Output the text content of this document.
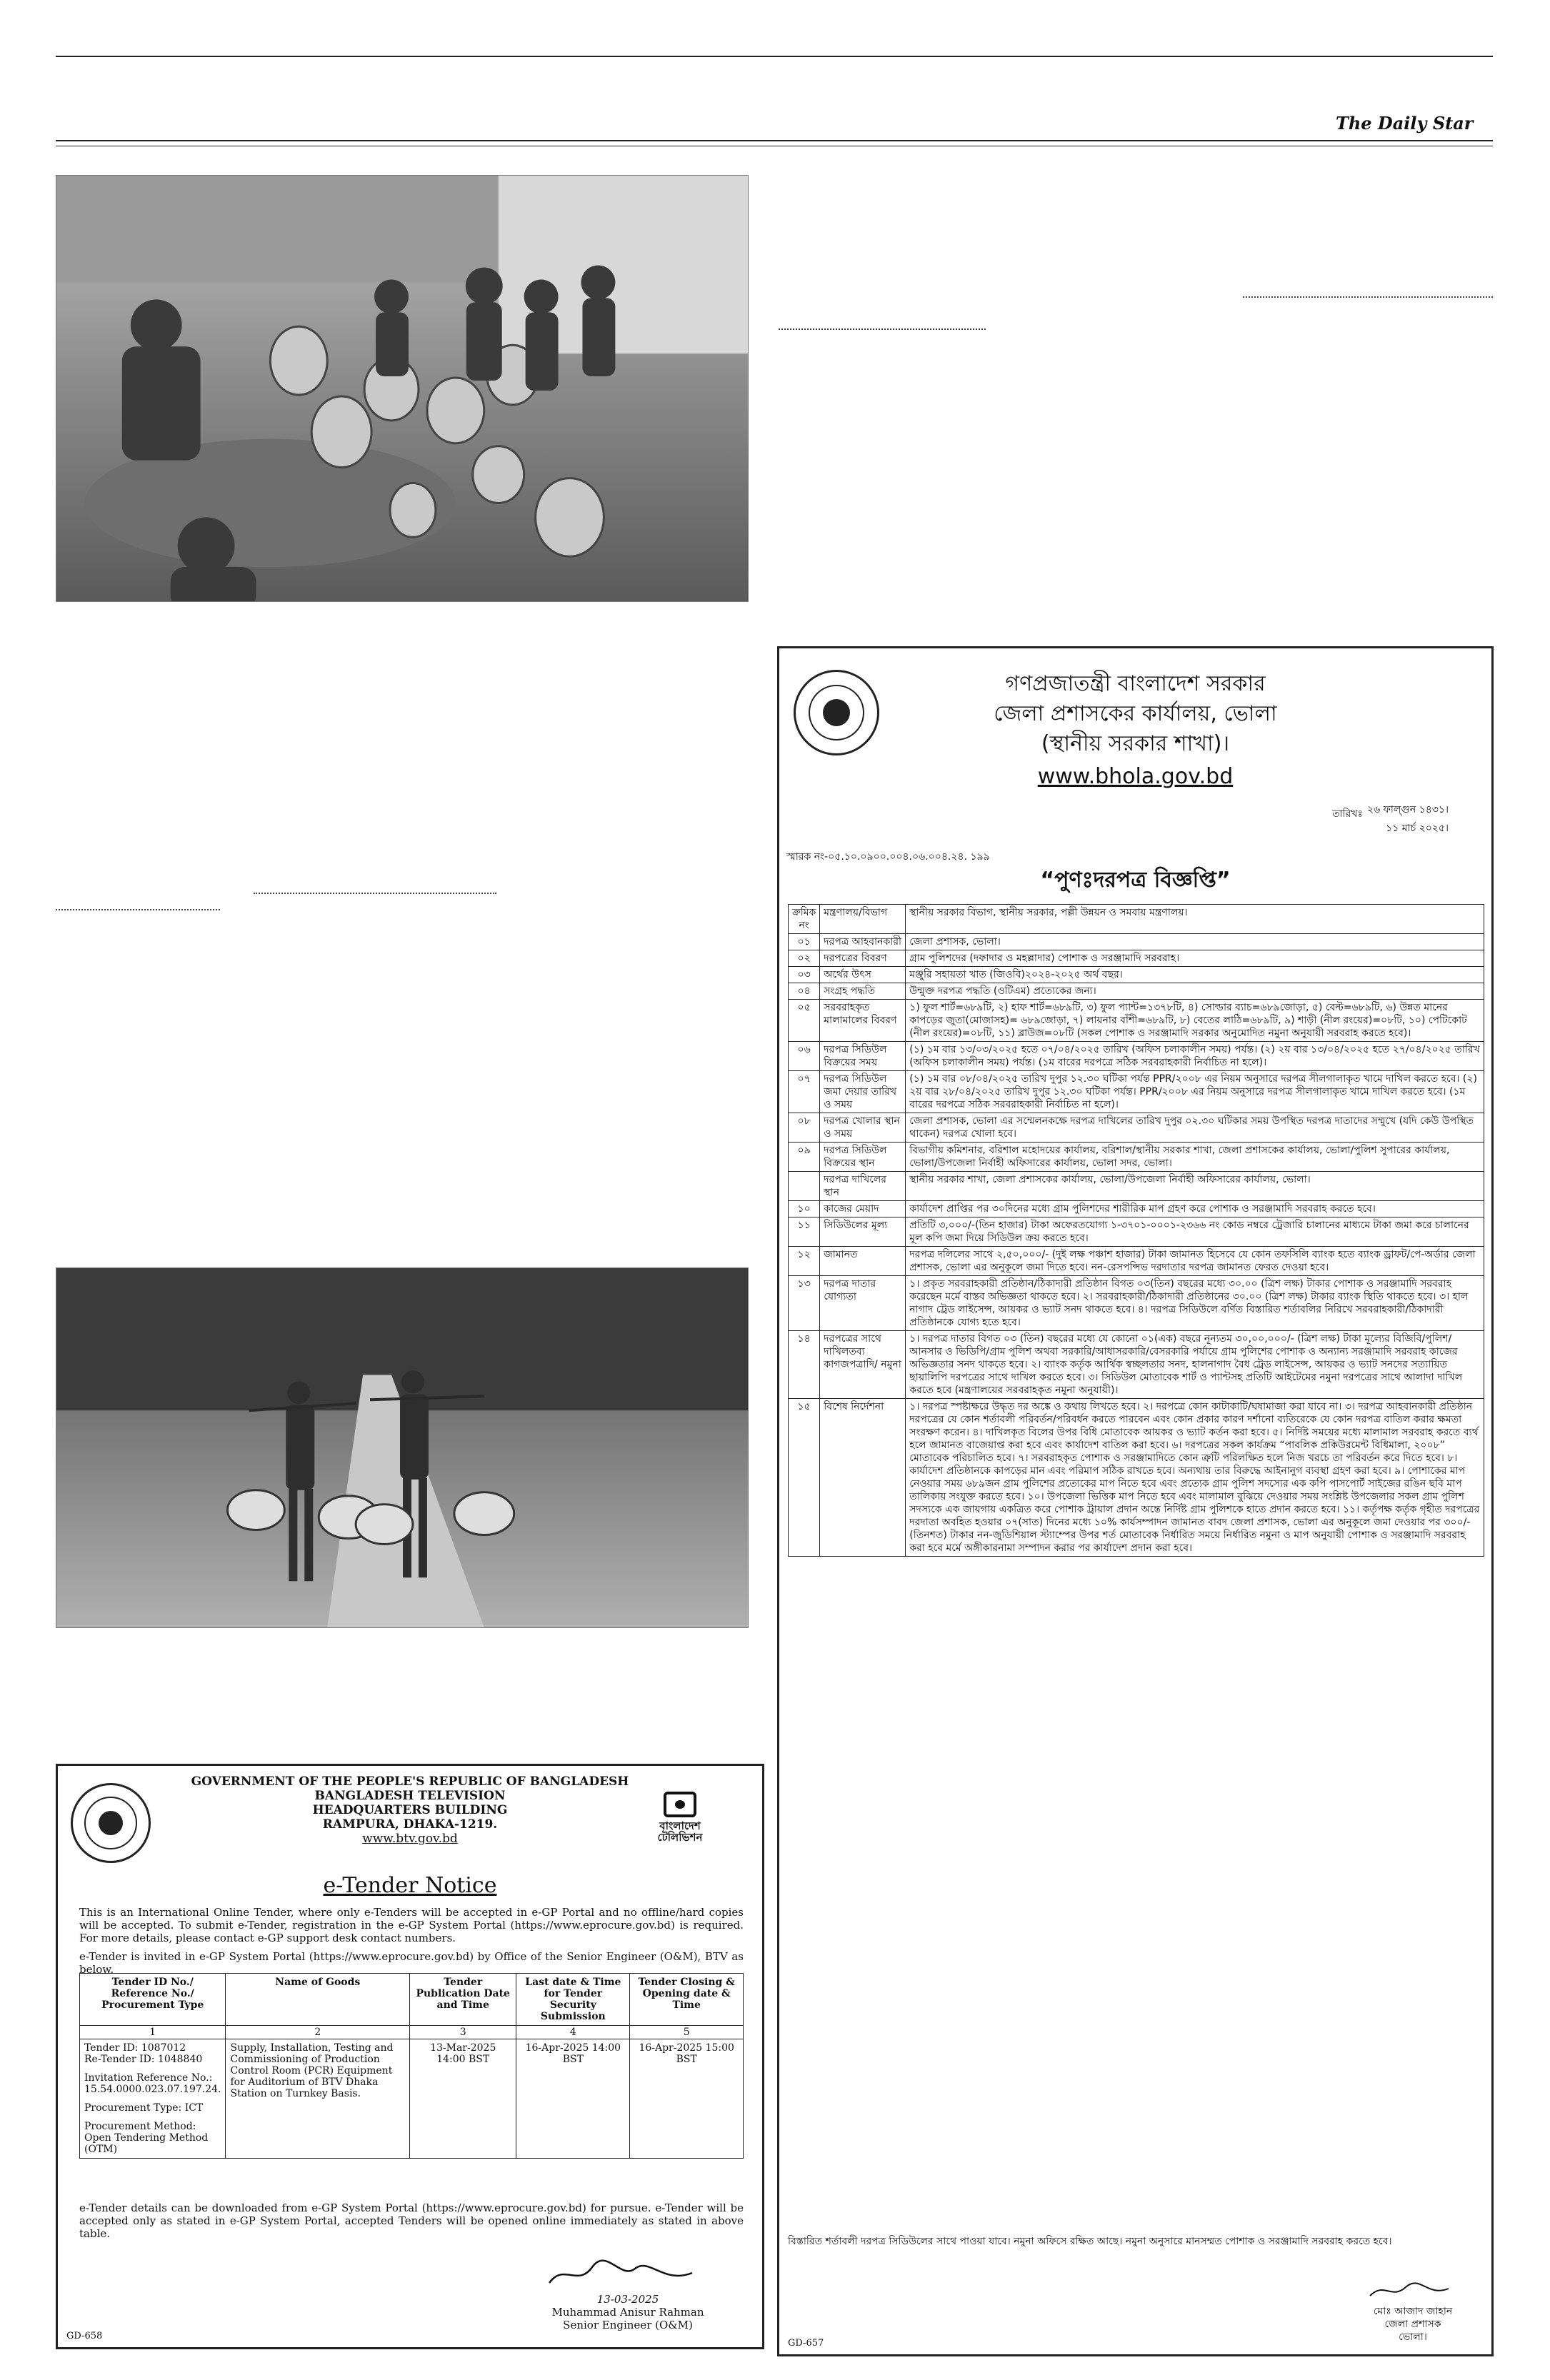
The Daily Star
GOVERNMENT OF THE PEOPLE'S REPUBLIC OF BANGLADESH
BANGLADESH TELEVISION
HEADQUARTERS BUILDING
RAMPURA, DHAKA-1219.
www.btv.gov.bd
বাংলাদেশ টেলিভিশন
e-Tender Notice
This is an International Online Tender, where only e-Tenders will be accepted in e-GP Portal and no offline/hard copies will be accepted. To submit e-Tender, registration in the e-GP System Portal (https://www.eprocure.gov.bd) is required. For more details, please contact e-GP support desk contact numbers.
e-Tender is invited in e-GP System Portal (https://www.eprocure.gov.bd) by Office of the Senior Engineer (O&M), BTV as below.
Tender ID No./ Reference No./ Procurement Type	Name of Goods	Tender Publication Date and Time	Last date & Time for Tender Security Submission	Tender Closing & Opening date & Time
1	2	3	4	5

Tender ID: 1087012
Re-Tender ID: 1048840
Invitation Reference No.: 15.54.0000.023.07.197.24.
Procurement Type: ICT
Procurement Method: Open Tendering Method (OTM)	Supply, Installation, Testing and Commissioning of Production Control Room (PCR) Equipment for Auditorium of BTV Dhaka Station on Turnkey Basis.	13-Mar-2025 14:00 BST	16-Apr-2025 14:00 BST	16-Apr-2025 15:00 BST
e-Tender details can be downloaded from e-GP System Portal (https://www.eprocure.gov.bd) for pursue. e-Tender will be accepted only as stated in e-GP System Portal, accepted Tenders will be opened online immediately as stated in above table.
13-03-2025
Muhammad Anisur Rahman
Senior Engineer (O&M)
GD-658
গণপ্রজাতন্ত্রী বাংলাদেশ সরকার
জেলা প্রশাসকের কার্যালয়, ভোলা
(স্থানীয় সরকার শাখা)।
www.bhola.gov.bd
তারিখঃ ২৬ ফাল্গুন ১৪৩১।
১১ মার্চ ২০২৫।
স্মারক নং-০৫.১০.০৯০০.০০৪.০৬.০০৪.২৪. ১৯৯
“পুণঃদরপত্র বিজ্ঞপ্তি”
ক্রমিক নং	মন্ত্রণালয়/বিভাগ	স্থানীয় সরকার বিভাগ, স্থানীয় সরকার, পল্লী উন্নয়ন ও সমবায় মন্ত্রণালয়।
০১	দরপত্র আহবানকারী	জেলা প্রশাসক, ভোলা।
০২	দরপত্রের বিবরণ	গ্রাম পুলিশদের (দফাদার ও মহল্লাদার) পোশাক ও সরঞ্জামাদি সরবরাহ।
০৩	অর্থের উৎস	মঞ্জুরি সহায়তা খাত (জিওবি)২০২৪-২০২৫ অর্থ বছর।
০৪	সংগ্রহ পদ্ধতি	উন্মুক্ত দরপত্র পদ্ধতি (ওটিএম) প্রত্যেকের জন্য।
০৫	সরবরাহকৃত মালামালের বিবরণ	১) ফুল শার্ট=৬৮৯টি, ২) হাফ শার্ট=৬৮৯টি, ৩) ফুল প্যান্ট=১৩৭৮টি, ৪) সোল্ডার ব্যাচ=৬৮৯জোড়া, ৫) বেল্ট=৬৮৯টি, ৬) উন্নত মানের কাপড়ের জুতা(মোজাসহ)= ৬৮৯জোড়া, ৭) লায়নার বাঁশী=৬৮৯টি, ৮) বেতের লাঠি=৬৮৯টি, ৯) শাড়ী (নীল রংয়ের)=০৮টি, ১০) পেটিকোট (নীল রংয়ের)=০৮টি, ১১) ব্লাউজ=০৮টি (সকল পোশাক ও সরঞ্জামাদি সরকার অনুমোদিত নমুনা অনুযায়ী সরবরাহ করতে হবে)।
০৬	দরপত্র সিডিউল বিক্রয়ের সময়	(১) ১ম বার ১৩/০৩/২০২৫ হতে ০৭/০৪/২০২৫ তারিখ (অফিস চলাকালীন সময়) পর্যন্ত। (২) ২য় বার ১৩/০৪/২০২৫ হতে ২৭/০৪/২০২৫ তারিখ (অফিস চলাকালীন সময়) পর্যন্ত। (১ম বারের দরপত্রে সঠিক সরবরাহকারী নির্বাচিত না হলে)।
০৭	দরপত্র সিডিউল জমা দেয়ার তারিখ ও সময়	(১) ১ম বার ০৮/০৪/২০২৫ তারিখ দুপুর ১২.৩০ ঘটিকা পর্যন্ত PPR/২০০৮ এর নিয়ম অনুসারে দরপত্র সীলগালাকৃত খামে দাখিল করতে হবে। (২) ২য় বার ২৮/০৪/২০২৫ তারিখ দুপুর ১২.৩০ ঘটিকা পর্যন্ত। PPR/২০০৮ এর নিয়ম অনুসারে দরপত্র সীলগালাকৃত খামে দাখিল করতে হবে। (১ম বারের দরপত্রে সঠিক সরবরাহকারী নির্বাচিত না হলে)।
০৮	দরপত্র খোলার স্থান ও সময়	জেলা প্রশাসক, ভোলা এর সম্মেলনকক্ষে দরপত্র দাখিলের তারিখ দুপুর ০২.৩০ ঘটিকার সময় উপস্থিত দরপত্র দাতাদের সম্মুখে (যদি কেউ উপস্থিত থাকেন) দরপত্র খোলা হবে।
০৯	দরপত্র সিডিউল বিক্রয়ের স্থান	বিভাগীয় কমিশনার, বরিশাল মহোদয়ের কার্যালয়, বরিশাল/স্থানীয় সরকার শাখা, জেলা প্রশাসকের কার্যালয়, ভোলা/পুলিশ সুপারের কার্যালয়, ভোলা/উপজেলা নির্বাহী অফিসারের কার্যালয়, ভোলা সদর, ভোলা।
	দরপত্র দাখিলের স্থান	স্থানীয় সরকার শাখা, জেলা প্রশাসকের কার্যালয়, ভোলা/উপজেলা নির্বাহী অফিসারের কার্যালয়, ভোলা।
১০	কাজের মেয়াদ	কার্যাদেশ প্রাপ্তির পর ৩০দিনের মধ্যে গ্রাম পুলিশদের শারীরিক মাপ গ্রহণ করে পোশাক ও সরঞ্জামাদি সরবরাহ করতে হবে।
১১	সিডিউলের মূল্য	প্রতিটি ৩,০০০/-(তিন হাজার) টাকা অফেরতযোগ্য ১-৩৭০১-০০০১-২৩৬৬ নং কোড নম্বরে ট্রেজারি চালানের মাধ্যমে টাকা জমা করে চালানের মূল কপি জমা দিয়ে সিডিউল ক্রয় করতে হবে।
১২	জামানত	দরপত্র দলিলের সাথে ২,৫০,০০০/- (দুই লক্ষ পঞ্চাশ হাজার) টাকা জামানত হিসেবে যে কোন তফসিলি ব্যাংক হতে ব্যাংক ড্রাফট/পে-অর্ডার জেলা প্রশাসক, ভোলা এর অনুকূলে জমা দিতে হবে। নন-রেসপন্সিভ দরদাতার দরপত্র জামানত ফেরত দেওয়া হবে।
১৩	দরপত্র দাতার যোগ্যতা	১। প্রকৃত সরবরাহকারী প্রতিষ্ঠান/ঠিকাদারী প্রতিষ্ঠান বিগত ০৩(তিন) বছরের মধ্যে ৩০.০০ (ত্রিশ লক্ষ) টাকার পোশাক ও সরঞ্জামাদি সরবরাহ করেছেন মর্মে বাস্তব অভিজ্ঞতা থাকতে হবে। ২। সরবরাহকারী/ঠিকাদারী প্রতিষ্ঠানের ৩০.০০ (ত্রিশ লক্ষ) টাকার ব্যাংক স্থিতি থাকতে হবে। ৩। হাল নাগাদ ট্রেড লাইসেন্স, আয়কর ও ভ্যাট সনদ থাকতে হবে। ৪। দরপত্র সিডিউলে বর্ণিত বিস্তারিত শর্তাবলির নিরিখে সরবরাহকারী/ঠিকাদারী প্রতিষ্ঠানকে যোগ্য হতে হবে।
১৪	দরপত্রের সাথে দাখিলতব্য কাগজপত্রাদি/ নমুনা	১। দরপত্র দাতার বিগত ০৩ (তিন) বছরের মধ্যে যে কোনো ০১(এক) বছরে নূন্যতম ৩০,০০,০০০/- (ত্রিশ লক্ষ) টাকা মূল্যের বিজিবি/পুলিশ/আনসার ও ভিডিপি/গ্রাম পুলিশ অথবা সরকারি/আধাসরকারি/বেসরকারি পর্যায়ে গ্রাম পুলিশের পোশাক ও অন্যান্য সরঞ্জামাদি সরবরাহ কাজের অভিজ্ঞতার সনদ থাকতে হবে। ২। ব্যাংক কর্তৃক আর্থিক স্বচ্ছলতার সনদ, হালনাগাদ বৈধ ট্রেড লাইসেন্স, আয়কর ও ভ্যাট সনদের সত্যায়িত ছায়ালিপি দরপত্রের সাথে দাখিল করতে হবে। ৩। সিডিউল মোতাবেক শার্ট ও প্যান্টসহ প্রতিটি আইটেমের নমুনা দরপত্রের সাথে আলাদা দাখিল করতে হবে (মন্ত্রণালয়ের সরবরাহকৃত নমুনা অনুযায়ী)।
১৫	বিশেষ নির্দেশনা	১। দরপত্র স্পষ্টাক্ষরে উদ্ধৃত দর অঙ্কে ও কথায় লিখতে হবে। ২। দরপত্রে কোন কাটাকাটি/ঘষামাজা করা যাবে না। ৩। দরপত্র আহবানকারী প্রতিষ্ঠান দরপত্রের যে কোন শর্তাবলী পরিবর্তন/পরিবর্ধন করতে পারবেন এবং কোন প্রকার কারণ দর্শানো ব্যতিরেকে যে কোন দরপত্র বাতিল করার ক্ষমতা সংরক্ষণ করেন। ৪। দাখিলকৃত বিলের উপর বিধি মোতাবেক আয়কর ও ভ্যাট কর্তন করা হবে। ৫। নির্দিষ্ট সময়ের মধ্যে মালামাল সরবরাহ করতে ব্যর্থ হলে জামানত বাজেয়াপ্ত করা হবে এবং কার্যাদেশ বাতিল করা হবে। ৬। দরপত্রের সকল কার্যক্রম “পাবলিক প্রকিউরমেন্ট বিধিমালা, ২০০৮” মোতাবেক পরিচালিত হবে। ৭। সরবরাহকৃত পোশাক ও সরঞ্জামাদিতে কোন ত্রুটি পরিলক্ষিত হলে নিজ খরচে তা পরিবর্তন করে দিতে হবে। ৮। কার্যাদেশ প্রতিষ্ঠানকে কাপড়ের মান এবং পরিমাপ সঠিক রাখতে হবে। অন্যথায় তার বিরুদ্ধে আইনানুগ ব্যবস্থা গ্রহণ করা হবে। ৯। পোশাকের মাপ নেওয়ার সময় ৬৮৯জন গ্রাম পুলিশের প্রত্যেকের মাপ নিতে হবে এবং প্রত্যেক গ্রাম পুলিশ সদস্যের এক কপি পাসপোর্ট সাইজের রঙিন ছবি মাপ তালিকায় সংযুক্ত করতে হবে। ১০। উপজেলা ভিত্তিক মাপ নিতে হবে এবং মালামাল বুঝিয়ে দেওয়ার সময় সংশ্লিষ্ট উপজেলার সকল গ্রাম পুলিশ সদস্যকে এক জায়গায় একত্রিত করে পোশাক ট্রায়াল প্রদান অন্তে নির্দিষ্ট গ্রাম পুলিশকে হাতে প্রদান করতে হবে। ১১। কর্তৃপক্ষ কর্তৃক গৃহীত দরপত্রের দরদাতা অবহিত হওয়ার ০৭(সাত) দিনের মধ্যে ১০% কার্যসম্পাদন জামানত বাবদ জেলা প্রশাসক, ভোলা এর অনুকূলে জমা দেওয়ার পর ৩০০/- (তিনশত) টাকার নন-জুডিশিয়াল স্ট্যাম্পের উপর শর্ত মোতাবেক নির্ধারিত সময়ে নির্ধারিত নমুনা ও মাপ অনুযায়ী পোশাক ও সরঞ্জামাদি সরবরাহ করা হবে মর্মে অঙ্গীকারনামা সম্পাদন করার পর কার্যাদেশ প্রদান করা হবে।
বিস্তারিত শর্তাবলী দরপত্র সিডিউলের সাথে পাওয়া যাবে। নমুনা অফিসে রক্ষিত আছে। নমুনা অনুসারে মানসম্মত পোশাক ও সরঞ্জামাদি সরবরাহ করতে হবে।
মোঃ আজাদ জাহান
জেলা প্রশাসক
ভোলা।
GD-657
